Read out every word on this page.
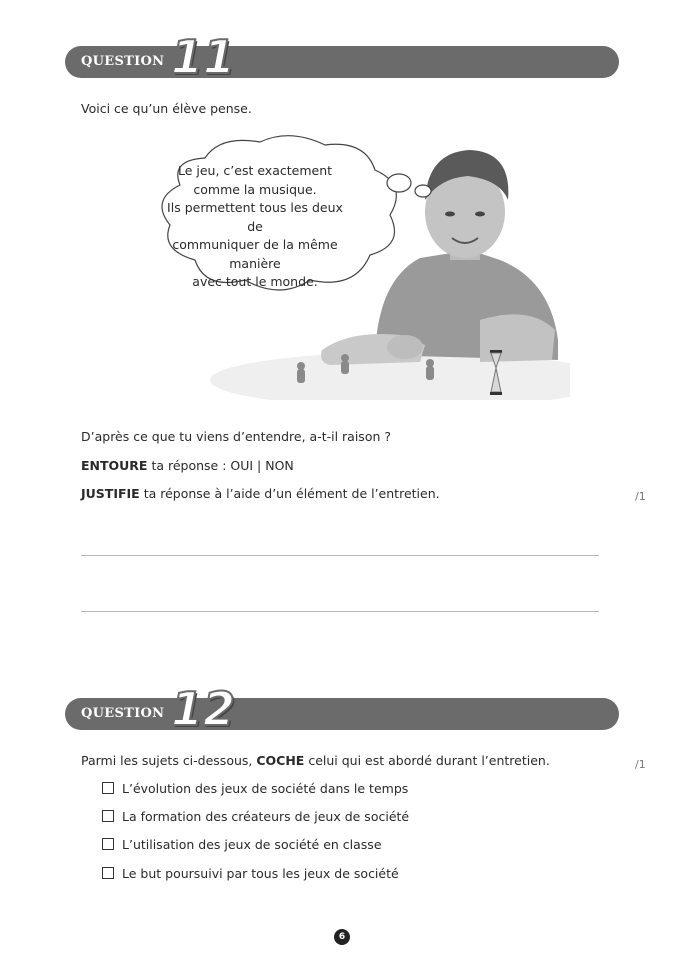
QUESTION 11
Voici ce qu’un élève pense.
Le jeu, c’est exactement
comme la musique.
Ils permettent tous les deux de
communiquer de la même manière
avec tout le monde.
D’après ce que tu viens d’entendre, a-t-il raison ?
ENTOURE ta réponse : OUI | NON
JUSTIFIE ta réponse à l’aide d’un élément de l’entretien.	/1
QUESTION 12
Parmi les sujets ci-dessous, COCHE celui qui est abordé durant l’entretien.	/1
L’évolution des jeux de société dans le temps
La formation des créateurs de jeux de société
L’utilisation des jeux de société en classe
Le but poursuivi par tous les jeux de société
6
